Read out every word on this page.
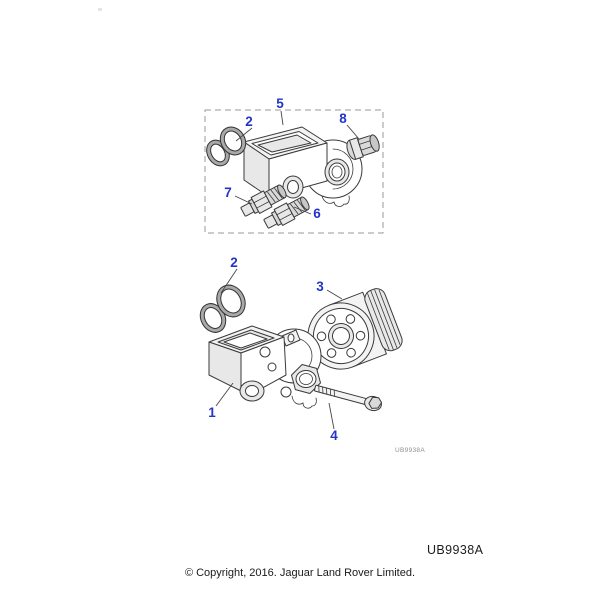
2
5
8
7
6
2
3
1
4
UB9938A
UB9938A
© Copyright, 2016. Jaguar Land Rover Limited.
